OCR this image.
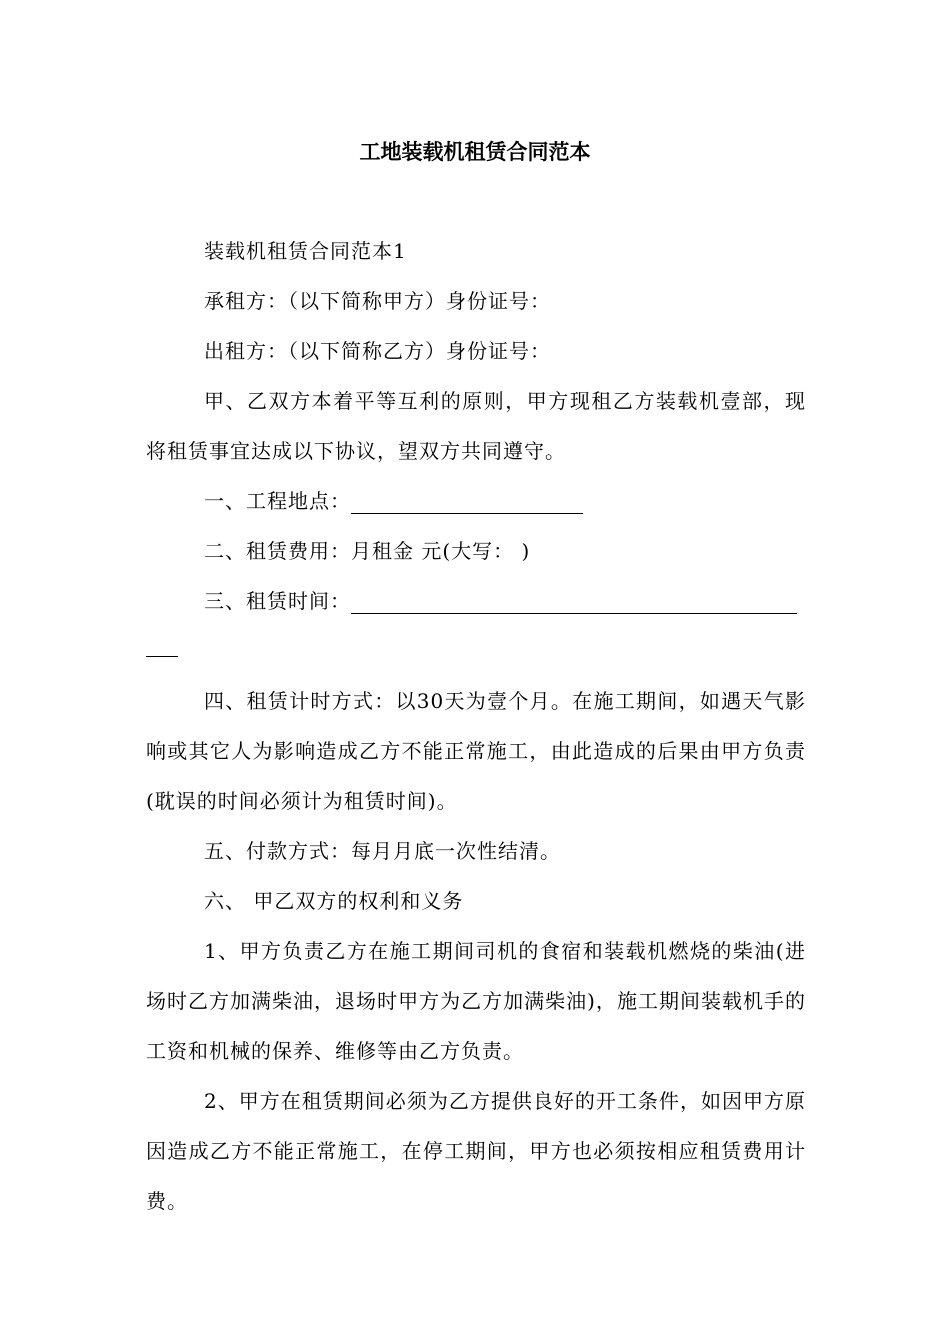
工地装载机租赁合同范本
装载机租赁合同范本1
承租方：（以下简称甲方）身份证号：
出租方：（以下简称乙方）身份证号：
甲、乙双方本着平等互利的原则，甲方现租乙方装载机壹部，现将租赁事宜达成以下协议，望双方共同遵守。
一、工程地点：
二、租赁费用：月租金 元(大写： )
三、租赁时间：
四、租赁计时方式：以30天为壹个月。在施工期间，如遇天气影响或其它人为影响造成乙方不能正常施工，由此造成的后果由甲方负责(耽误的时间必须计为租赁时间)。
五、付款方式：每月月底一次性结清。
六、 甲乙双方的权利和义务
1、甲方负责乙方在施工期间司机的食宿和装载机燃烧的柴油(进场时乙方加满柴油，退场时甲方为乙方加满柴油)，施工期间装载机手的工资和机械的保养、维修等由乙方负责。
2、甲方在租赁期间必须为乙方提供良好的开工条件，如因甲方原因造成乙方不能正常施工，在停工期间，甲方也必须按相应租赁费用计费。
